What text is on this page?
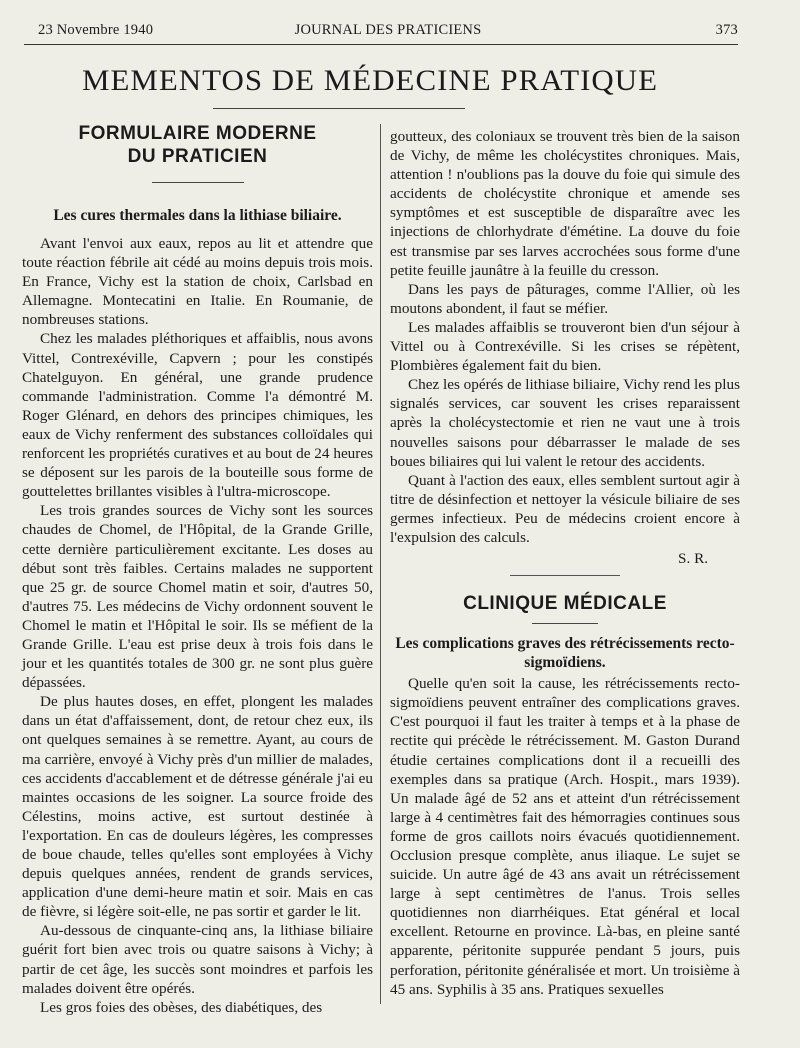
23 Novembre 1940	JOURNAL DES PRATICIENS	373
MEMENTOS DE MÉDECINE PRATIQUE
FORMULAIRE MODERNE
DU PRATICIEN
Les cures thermales dans la lithiase biliaire.

Avant l'envoi aux eaux, repos au lit et attendre que toute réaction fébrile ait cédé au moins depuis trois mois. En France, Vichy est la station de choix, Carlsbad en Allemagne. Montecatini en Italie. En Roumanie, de nombreuses stations.

Chez les malades pléthoriques et affaiblis, nous avons Vittel, Contrexéville, Capvern ; pour les constipés Chatelguyon. En général, une grande prudence commande l'administration. Comme l'a démontré M. Roger Glénard, en dehors des principes chimiques, les eaux de Vichy renferment des substances colloïdales qui renforcent les propriétés curatives et au bout de 24 heures se déposent sur les parois de la bouteille sous forme de gouttelettes brillantes visibles à l'ultra-microscope.

Les trois grandes sources de Vichy sont les sources chaudes de Chomel, de l'Hôpital, de la Grande Grille, cette dernière particulièrement excitante. Les doses au début sont très faibles. Certains malades ne supportent que 25 gr. de source Chomel matin et soir, d'autres 50, d'autres 75. Les médecins de Vichy ordonnent souvent le Chomel le matin et l'Hôpital le soir. Ils se méfient de la Grande Grille. L'eau est prise deux à trois fois dans le jour et les quantités totales de 300 gr. ne sont plus guère dépassées.

De plus hautes doses, en effet, plongent les malades dans un état d'affaissement, dont, de retour chez eux, ils ont quelques semaines à se remettre. Ayant, au cours de ma carrière, envoyé à Vichy près d'un millier de malades, ces accidents d'accablement et de détresse générale j'ai eu maintes occasions de les soigner. La source froide des Célestins, moins active, est surtout destinée à l'exportation. En cas de douleurs légères, les compresses de boue chaude, telles qu'elles sont employées à Vichy depuis quelques années, rendent de grands services, application d'une demi-heure matin et soir. Mais en cas de fièvre, si légère soit-elle, ne pas sortir et garder le lit.

Au-dessous de cinquante-cinq ans, la lithiase biliaire guérit fort bien avec trois ou quatre saisons à Vichy; à partir de cet âge, les succès sont moindres et parfois les malades doivent être opérés.

Les gros foies des obèses, des diabétiques, des

goutteux, des coloniaux se trouvent très bien de la saison de Vichy, de même les cholécystites chroniques. Mais, attention ! n'oublions pas la douve du foie qui simule des accidents de cholécystite chronique et amende ses symptômes et est susceptible de disparaître avec les injections de chlorhydrate d'émétine. La douve du foie est transmise par ses larves accrochées sous forme d'une petite feuille jaunâtre à la feuille du cresson.

Dans les pays de pâturages, comme l'Allier, où les moutons abondent, il faut se méfier.

Les malades affaiblis se trouveront bien d'un séjour à Vittel ou à Contrexéville. Si les crises se répètent, Plombières également fait du bien.

Chez les opérés de lithiase biliaire, Vichy rend les plus signalés services, car souvent les crises reparaissent après la cholécystectomie et rien ne vaut une à trois nouvelles saisons pour débarrasser le malade de ses boues biliaires qui lui valent le retour des accidents.

Quant à l'action des eaux, elles semblent surtout agir à titre de désinfection et nettoyer la vésicule biliaire de ses germes infectieux. Peu de médecins croient encore à l'expulsion des calculs.

S. R.
CLINIQUE MÉDICALE
Les complications graves des rétrécissements recto-sigmoïdiens.

Quelle qu'en soit la cause, les rétrécissements recto-sigmoïdiens peuvent entraîner des complications graves. C'est pourquoi il faut les traiter à temps et à la phase de rectite qui précède le rétrécissement. M. Gaston Durand étudie certaines complications dont il a recueilli des exemples dans sa pratique (Arch. Hospit., mars 1939). Un malade âgé de 52 ans et atteint d'un rétrécissement large à 4 centimètres fait des hémorragies continues sous forme de gros caillots noirs évacués quotidiennement. Occlusion presque complète, anus iliaque. Le sujet se suicide. Un autre âgé de 43 ans avait un rétrécissement large à sept centimètres de l'anus. Trois selles quotidiennes non diarrhéiques. Etat général et local excellent. Retourne en province. Là-bas, en pleine santé apparente, péritonite suppurée pendant 5 jours, puis perforation, péritonite généralisée et mort. Un troisième à 45 ans. Syphilis à 35 ans. Pratiques sexuelles
